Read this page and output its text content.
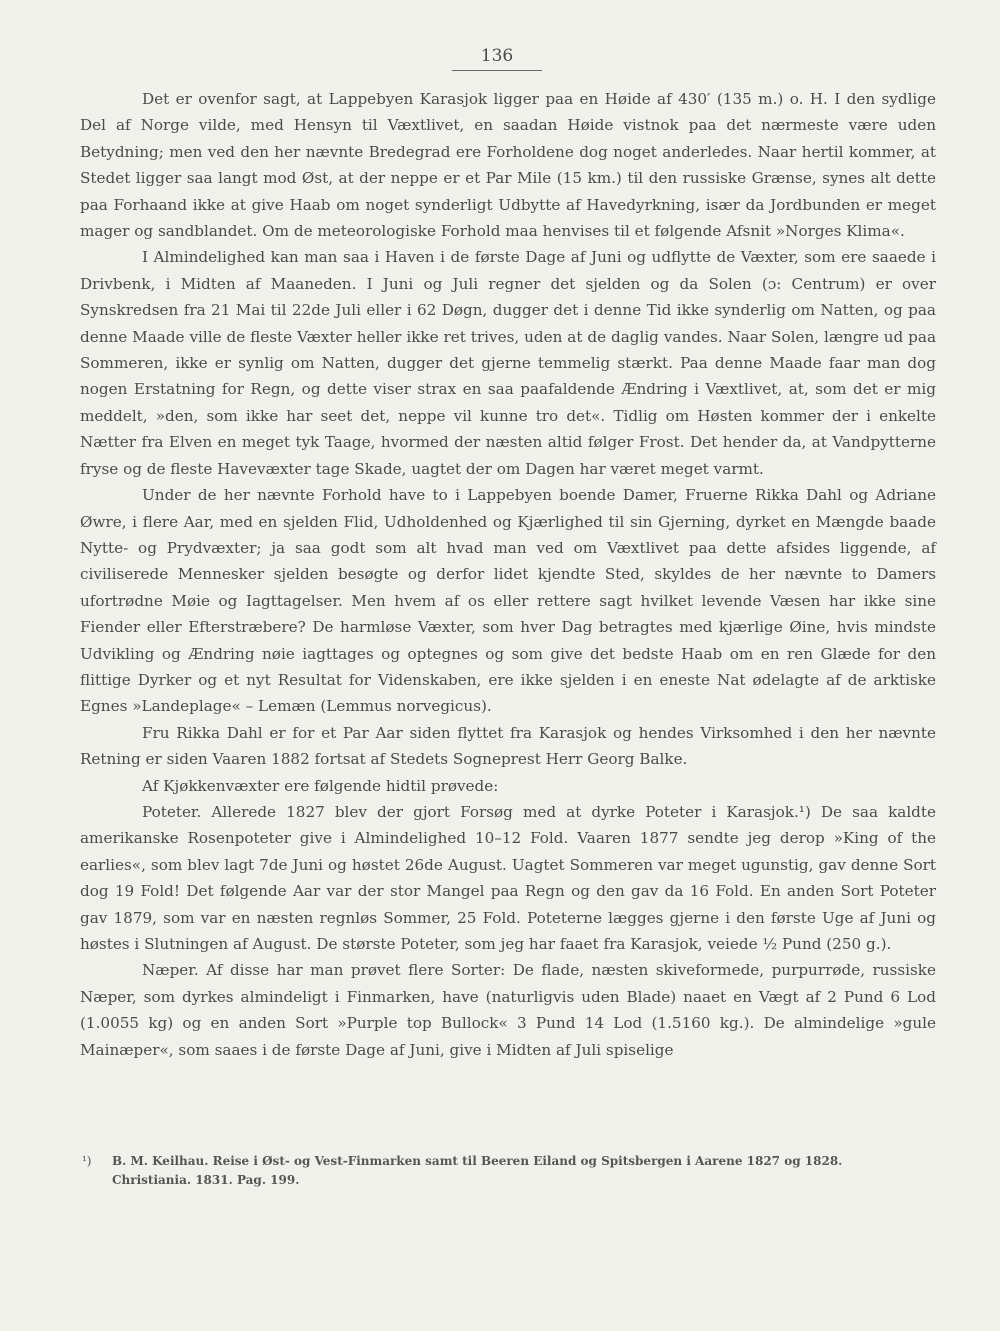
136

Det er ovenfor sagt, at Lappebyen Karasjok ligger paa en Høide af 430′ (135 m.) o. H. I den sydlige Del af Norge vilde, med Hensyn til Væxtlivet, en saadan Høide vistnok paa det nærmeste være uden Betydning; men ved den her nævnte Bredegrad ere Forholdene dog noget anderledes. Naar hertil kommer, at Stedet ligger saa langt mod Øst, at der neppe er et Par Mile (15 km.) til den russiske Grænse, synes alt dette paa Forhaand ikke at give Haab om noget synderligt Udbytte af Havedyrkning, især da Jordbunden er meget mager og sandblandet. Om de meteorologiske Forhold maa henvises til et følgende Afsnit »Norges Klima«.

I Almindelighed kan man saa i Haven i de første Dage af Juni og udflytte de Væxter, som ere saaede i Drivbenk, i Midten af Maaneden. I Juni og Juli regner det sjelden og da Solen (ɔ: Centrum) er over Synskredsen fra 21 Mai til 22de Juli eller i 62 Døgn, dugger det i denne Tid ikke synderlig om Natten, og paa denne Maade ville de fleste Væxter heller ikke ret trives, uden at de daglig vandes. Naar Solen, længre ud paa Sommeren, ikke er synlig om Natten, dugger det gjerne temmelig stærkt. Paa denne Maade faar man dog nogen Erstatning for Regn, og dette viser strax en saa paafaldende Ændring i Væxtlivet, at, som det er mig meddelt, »den, som ikke har seet det, neppe vil kunne tro det«. Tidlig om Høsten kommer der i enkelte Nætter fra Elven en meget tyk Taage, hvormed der næsten altid følger Frost. Det hender da, at Vandpytterne fryse og de fleste Havevæxter tage Skade, uagtet der om Dagen har været meget varmt.

Under de her nævnte Forhold have to i Lappebyen boende Damer, Fruerne Rikka Dahl og Adriane Øwre, i flere Aar, med en sjelden Flid, Udholdenhed og Kjærlighed til sin Gjerning, dyrket en Mængde baade Nytte- og Prydvæxter; ja saa godt som alt hvad man ved om Væxtlivet paa dette afsides liggende, af civiliserede Mennesker sjelden besøgte og derfor lidet kjendte Sted, skyldes de her nævnte to Damers ufortrødne Møie og Iagttagelser. Men hvem af os eller rettere sagt hvilket levende Væsen har ikke sine Fiender eller Efterstræbere? De harmløse Væxter, som hver Dag betragtes med kjærlige Øine, hvis mindste Udvikling og Ændring nøie iagttages og optegnes og som give det bedste Haab om en ren Glæde for den flittige Dyrker og et nyt Resultat for Videnskaben, ere ikke sjelden i en eneste Nat ødelagte af de arktiske Egnes »Landeplage« – Lemæn (Lemmus norvegicus).

Fru Rikka Dahl er for et Par Aar siden flyttet fra Karasjok og hendes Virksomhed i den her nævnte Retning er siden Vaaren 1882 fortsat af Stedets Sogneprest Herr Georg Balke.

Af Kjøkkenvæxter ere følgende hidtil prøvede:

Poteter. Allerede 1827 blev der gjort Forsøg med at dyrke Poteter i Karasjok.¹) De saa kaldte amerikanske Rosenpoteter give i Almindelighed 10–12 Fold. Vaaren 1877 sendte jeg derop »King of the earlies«, som blev lagt 7de Juni og høstet 26de August. Uagtet Sommeren var meget ugunstig, gav denne Sort dog 19 Fold! Det følgende Aar var der stor Mangel paa Regn og den gav da 16 Fold. En anden Sort Poteter gav 1879, som var en næsten regnløs Sommer, 25 Fold. Poteterne lægges gjerne i den første Uge af Juni og høstes i Slutningen af August. De største Poteter, som jeg har faaet fra Karasjok, veiede ½ Pund (250 g.).

Næper. Af disse har man prøvet flere Sorter: De flade, næsten skiveformede, purpurrøde, russiske Næper, som dyrkes almindeligt i Finmarken, have (naturligvis uden Blade) naaet en Vægt af 2 Pund 6 Lod (1.0055 kg) og en anden Sort »Purple top Bullock« 3 Pund 14 Lod (1.5160 kg.). De almindelige »gule Mainæper«, som saaes i de første Dage af Juni, give i Midten af Juli spiselige

¹) B. M. Keilhau. Reise i Øst- og Vest-Finmarken samt til Beeren Eiland og Spitsbergen i Aarene 1827 og 1828.

Christiania. 1831. Pag. 199.
